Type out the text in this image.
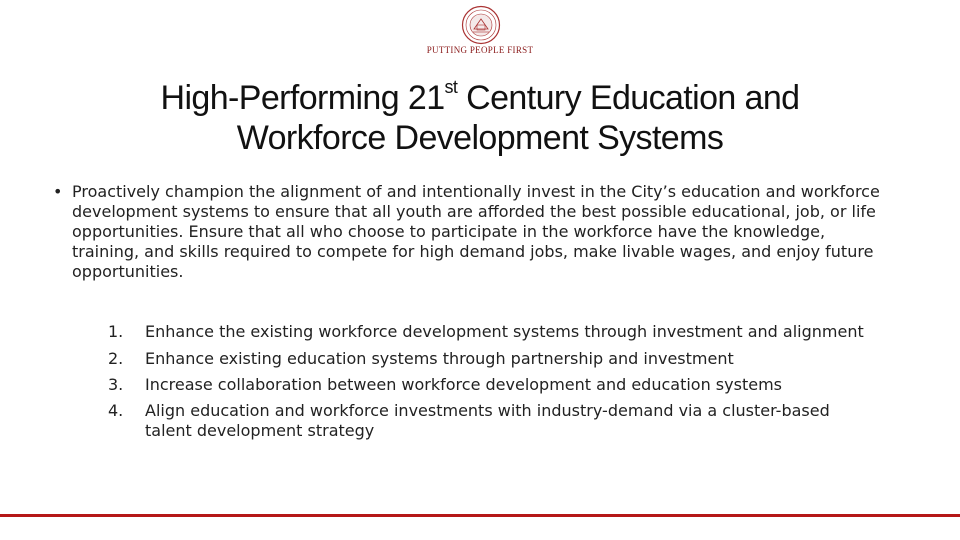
PUTTING PEOPLE FIRST
High-Performing 21st Century Education and
Workforce Development Systems
• Proactively champion the alignment of and intentionally invest in the City’s education and workforce development systems to ensure that all youth are afforded the best possible educational, job, or life opportunities. Ensure that all who choose to participate in the workforce have the knowledge, training, and skills required to compete for high demand jobs, make livable wages, and enjoy future opportunities.
1. Enhance the existing workforce development systems through investment and alignment
2. Enhance existing education systems through partnership and investment
3. Increase collaboration between workforce development and education systems
4. Align education and workforce investments with industry-demand via a cluster-based talent development strategy
